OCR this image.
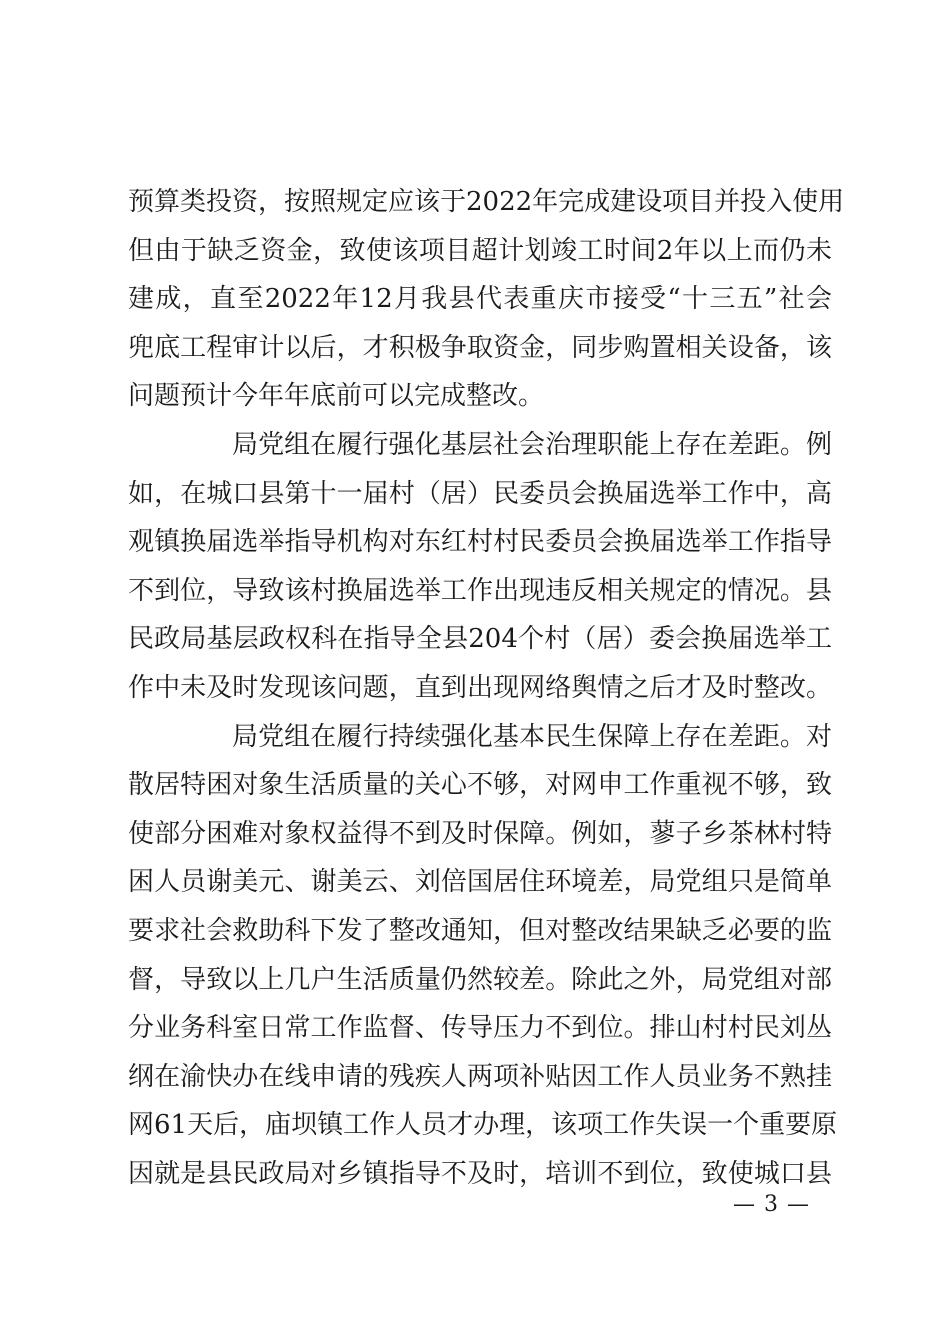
预算类投资，按照规定应该于2022年完成建设项目并投入使用
但由于缺乏资金，致使该项目超计划竣工时间2年以上而仍未
建成，直至2022年12月我县代表重庆市接受“十三五”社会
兜底工程审计以后，才积极争取资金，同步购置相关设备，该
问题预计今年年底前可以完成整改。
局党组在履行强化基层社会治理职能上存在差距。例
如，在城口县第十一届村（居）民委员会换届选举工作中，高
观镇换届选举指导机构对东红村村民委员会换届选举工作指导
不到位，导致该村换届选举工作出现违反相关规定的情况。县
民政局基层政权科在指导全县204个村（居）委会换届选举工
作中未及时发现该问题，直到出现网络舆情之后才及时整改。
局党组在履行持续强化基本民生保障上存在差距。对
散居特困对象生活质量的关心不够，对网申工作重视不够，致
使部分困难对象权益得不到及时保障。例如，蓼子乡茶林村特
困人员谢美元、谢美云、刘倍国居住环境差，局党组只是简单
要求社会救助科下发了整改通知，但对整改结果缺乏必要的监
督，导致以上几户生活质量仍然较差。除此之外，局党组对部
分业务科室日常工作监督、传导压力不到位。排山村村民刘丛
纲在渝快办在线申请的残疾人两项补贴因工作人员业务不熟挂
网61天后，庙坝镇工作人员才办理，该项工作失误一个重要原
因就是县民政局对乡镇指导不及时，培训不到位，致使城口县
— 3 —
